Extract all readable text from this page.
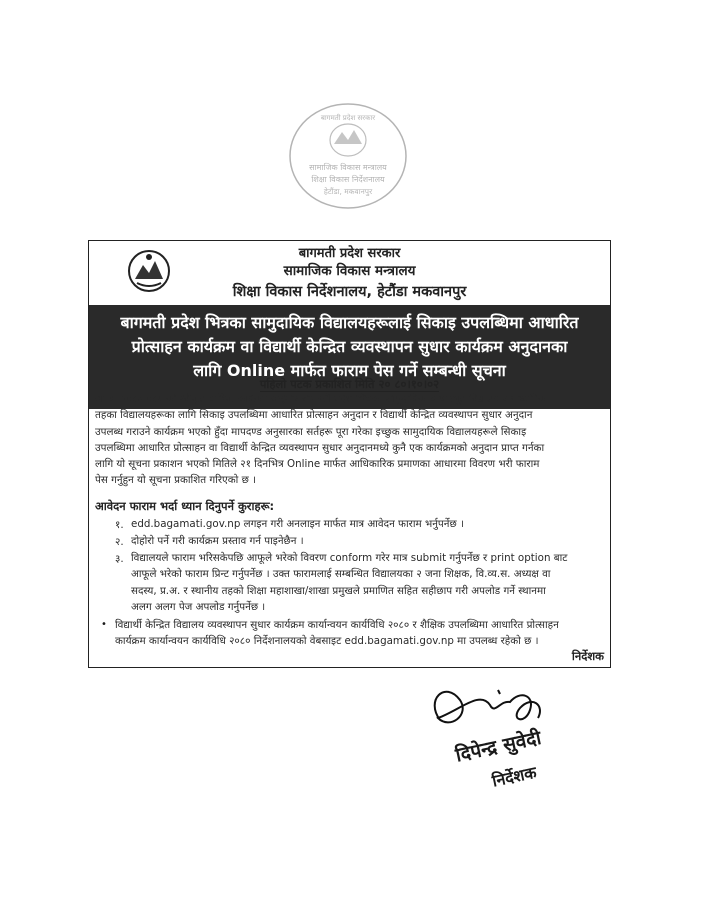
सामाजिक विकास मन्त्रालय
शिक्षा विकास निर्देशनालय
हेटौंडा, मकवानपुर
बागमती प्रदेश सरकार
बागमती प्रदेश सरकार
सामाजिक विकास मन्त्रालय
शिक्षा विकास निर्देशनालय, हेटौंडा मकवानपुर
बागमती प्रदेश भित्रका सामुदायिक विद्यालयहरूलाई सिकाइ उपलब्धिमा आधारित
प्रोत्साहन कार्यक्रम वा विद्यार्थी केन्द्रित व्यवस्थापन सुधार कार्यक्रम अनुदानका
लागि Online मार्फत फाराम पेस गर्ने सम्बन्धी सूचना
पहिलो पटक प्रकाशित मिति २० ८०।१०।०२
आ.व. २०८०।०८१ को स्वीकृत वार्षिक कार्यक्रम अनुसार बागमती प्रदेश भित्रका सामुदायिक आधारभूत विद्यालय र माध्यमिक
तहका विद्यालयहरूका लागि सिकाइ उपलब्धिमा आधारित प्रोत्साहन अनुदान र विद्यार्थी केन्द्रित व्यवस्थापन सुधार अनुदान
उपलब्ध गराउने कार्यक्रम भएको हुँदा मापदण्ड अनुसारका सर्तहरू पूरा गरेका इच्छुक सामुदायिक विद्यालयहरूले सिकाइ
उपलब्धिमा आधारित प्रोत्साहन वा विद्यार्थी केन्द्रित व्यवस्थापन सुधार अनुदानमध्ये कुनै एक कार्यक्रमको अनुदान प्राप्त गर्नका
लागि यो सूचना प्रकाशन भएको मितिले २१ दिनभित्र Online मार्फत आधिकारिक प्रमाणका आधारमा विवरण भरी फाराम
पेस गर्नुहुन यो सूचना प्रकाशित गरिएको छ ।
आवेदन फाराम भर्दा ध्यान दिनुपर्ने कुराहरू:
१. edd.bagamati.gov.np लगइन गरी अनलाइन मार्फत मात्र आवेदन फाराम भर्नुपर्नेछ ।
२. दोहोरो पर्ने गरी कार्यक्रम प्रस्ताव गर्न पाइनेछैन ।
३. विद्यालयले फाराम भरिसकेपछि आफूले भरेको विवरण conform गरेर मात्र submit गर्नुपर्नेछ र print option बाट
आफूले भरेको फाराम प्रिन्ट गर्नुपर्नेछ । उक्त फारामलाई सम्बन्धित विद्यालयका २ जना शिक्षक, वि.व्य.स. अध्यक्ष वा
सदस्य, प्र.अ. र स्थानीय तहको शिक्षा महाशाखा/शाखा प्रमुखले प्रमाणित सहित सहीछाप गरी अपलोड गर्ने स्थानमा
अलग अलग पेज अपलोड गर्नुपर्नेछ ।
• विद्यार्थी केन्द्रित विद्यालय व्यवस्थापन सुधार कार्यक्रम कार्यान्वयन कार्यविधि २०८० र शैक्षिक उपलब्धिमा आधारित प्रोत्साहन
कार्यक्रम कार्यान्वयन कार्यविधि २०८० निर्देशनालयको वेबसाइट edd.bagamati.gov.np मा उपलब्ध रहेको छ ।
निर्देशक
दिपेन्द्र सुवेदी
निर्देशक
